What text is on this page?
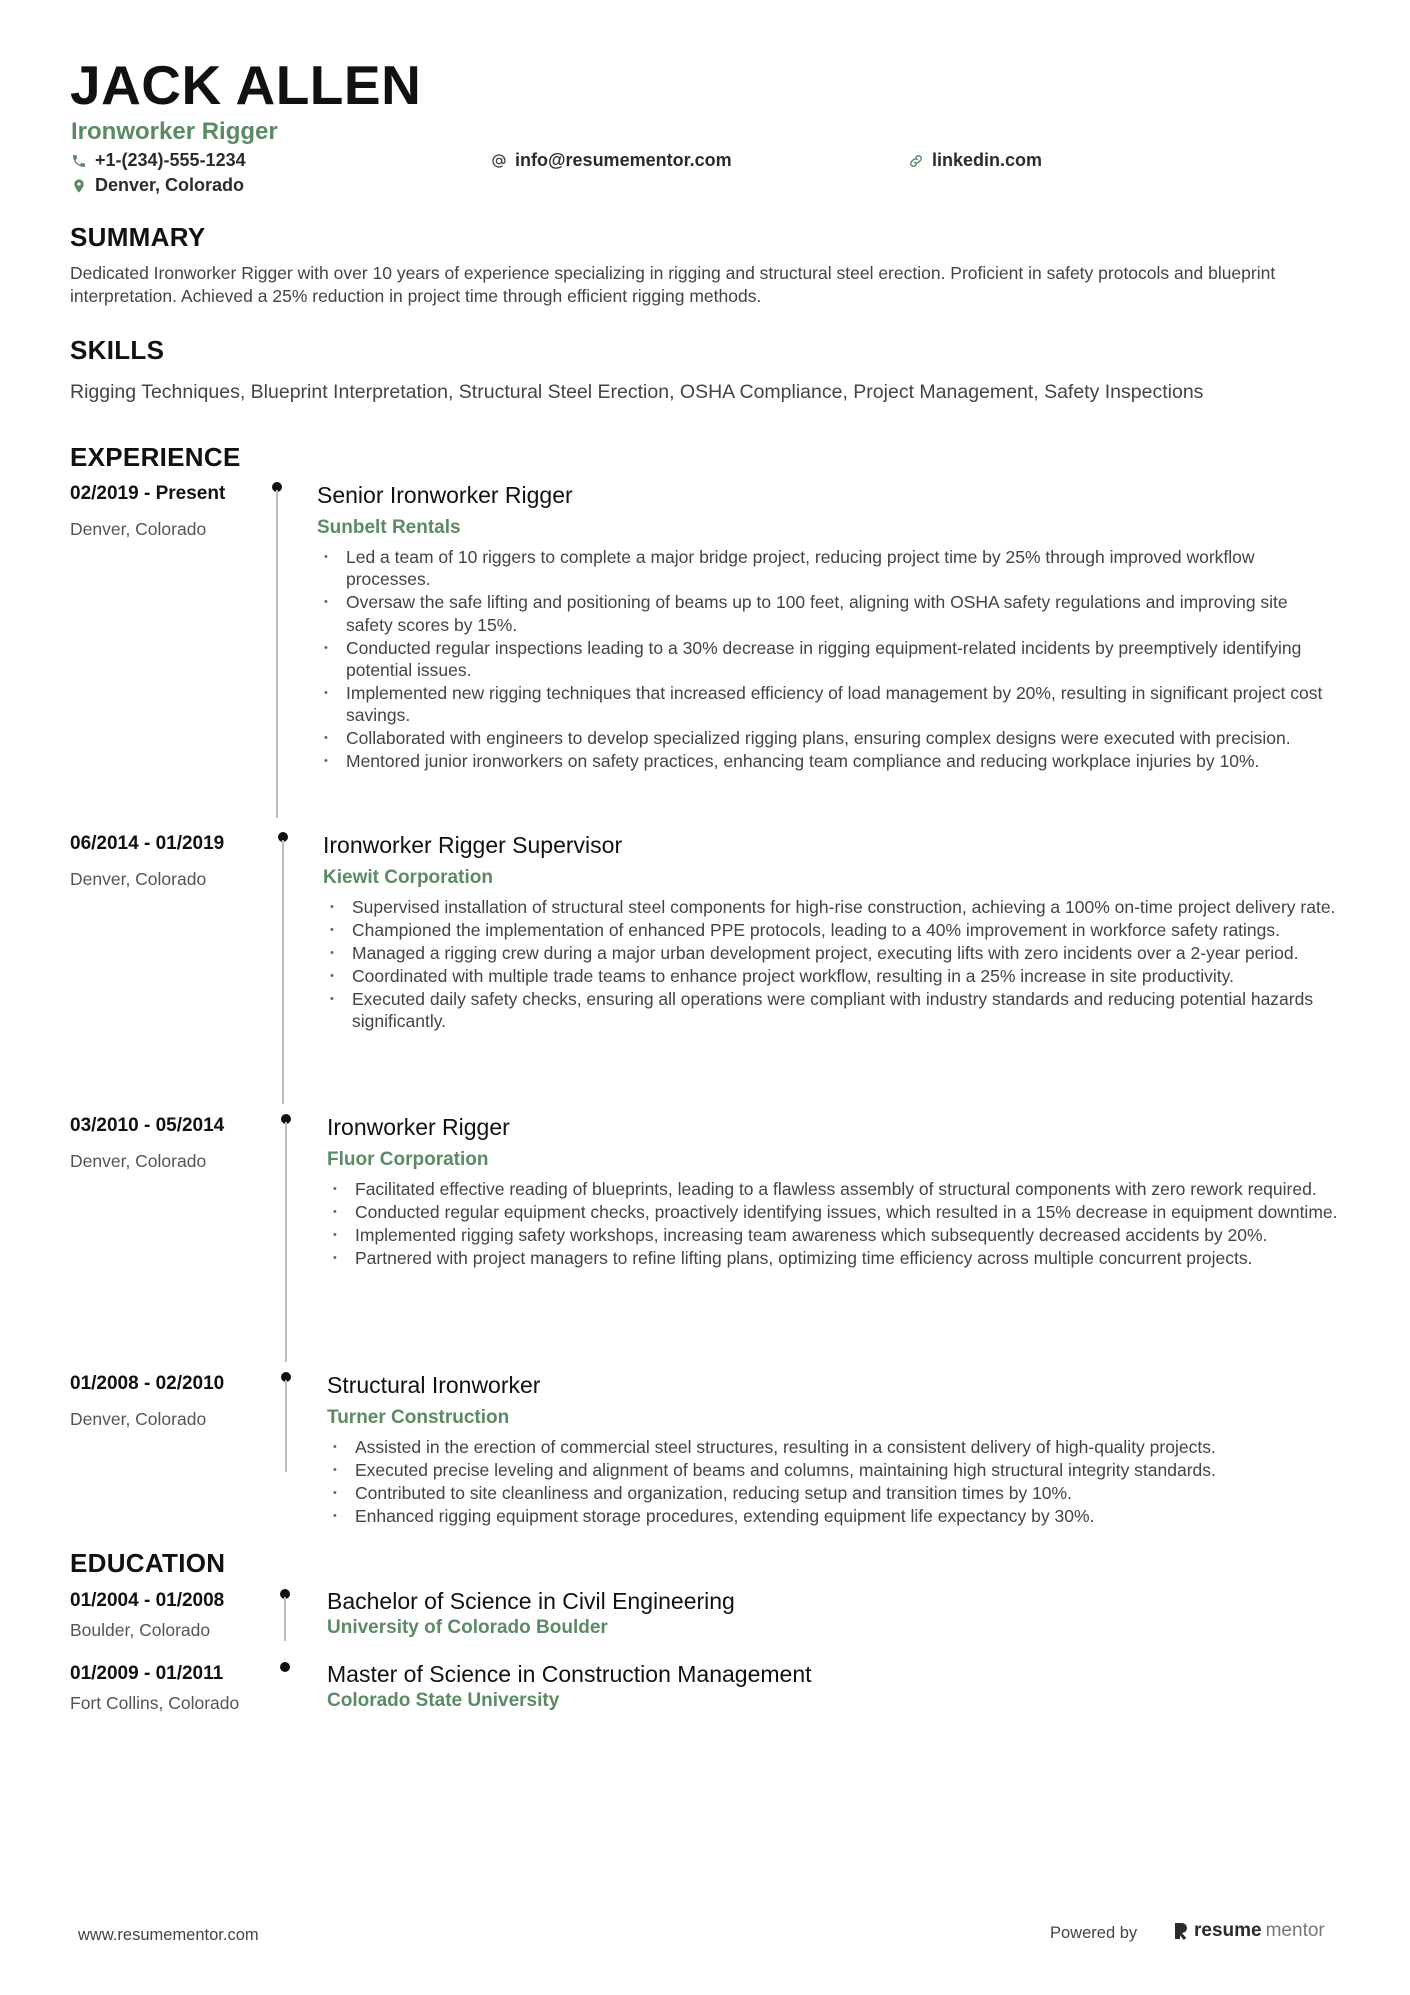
JACK ALLEN
Ironworker Rigger
+1-(234)-555-1234	info@resumementor.com	linkedin.com
Denver, Colorado
SUMMARY
Dedicated Ironworker Rigger with over 10 years of experience specializing in rigging and structural steel erection. Proficient in safety protocols and blueprint interpretation. Achieved a 25% reduction in project time through efficient rigging methods.
SKILLS
Rigging Techniques, Blueprint Interpretation, Structural Steel Erection, OSHA Compliance, Project Management, Safety Inspections
EXPERIENCE
02/2019 - Present
Denver, Colorado
Senior Ironworker Rigger
Sunbelt Rentals
• Led a team of 10 riggers to complete a major bridge project, reducing project time by 25% through improved workflow processes.
• Oversaw the safe lifting and positioning of beams up to 100 feet, aligning with OSHA safety regulations and improving site safety scores by 15%.
• Conducted regular inspections leading to a 30% decrease in rigging equipment-related incidents by preemptively identifying potential issues.
• Implemented new rigging techniques that increased efficiency of load management by 20%, resulting in significant project cost savings.
• Collaborated with engineers to develop specialized rigging plans, ensuring complex designs were executed with precision.
• Mentored junior ironworkers on safety practices, enhancing team compliance and reducing workplace injuries by 10%.
06/2014 - 01/2019
Denver, Colorado
Ironworker Rigger Supervisor
Kiewit Corporation
• Supervised installation of structural steel components for high-rise construction, achieving a 100% on-time project delivery rate.
• Championed the implementation of enhanced PPE protocols, leading to a 40% improvement in workforce safety ratings.
• Managed a rigging crew during a major urban development project, executing lifts with zero incidents over a 2-year period.
• Coordinated with multiple trade teams to enhance project workflow, resulting in a 25% increase in site productivity.
• Executed daily safety checks, ensuring all operations were compliant with industry standards and reducing potential hazards significantly.
03/2010 - 05/2014
Denver, Colorado
Ironworker Rigger
Fluor Corporation
• Facilitated effective reading of blueprints, leading to a flawless assembly of structural components with zero rework required.
• Conducted regular equipment checks, proactively identifying issues, which resulted in a 15% decrease in equipment downtime.
• Implemented rigging safety workshops, increasing team awareness which subsequently decreased accidents by 20%.
• Partnered with project managers to refine lifting plans, optimizing time efficiency across multiple concurrent projects.
01/2008 - 02/2010
Denver, Colorado
Structural Ironworker
Turner Construction
• Assisted in the erection of commercial steel structures, resulting in a consistent delivery of high-quality projects.
• Executed precise leveling and alignment of beams and columns, maintaining high structural integrity standards.
• Contributed to site cleanliness and organization, reducing setup and transition times by 10%.
• Enhanced rigging equipment storage procedures, extending equipment life expectancy by 30%.
EDUCATION
01/2004 - 01/2008
Boulder, Colorado
Bachelor of Science in Civil Engineering
University of Colorado Boulder
01/2009 - 01/2011
Fort Collins, Colorado
Master of Science in Construction Management
Colorado State University
www.resumementor.com	Powered by	resume mentor
